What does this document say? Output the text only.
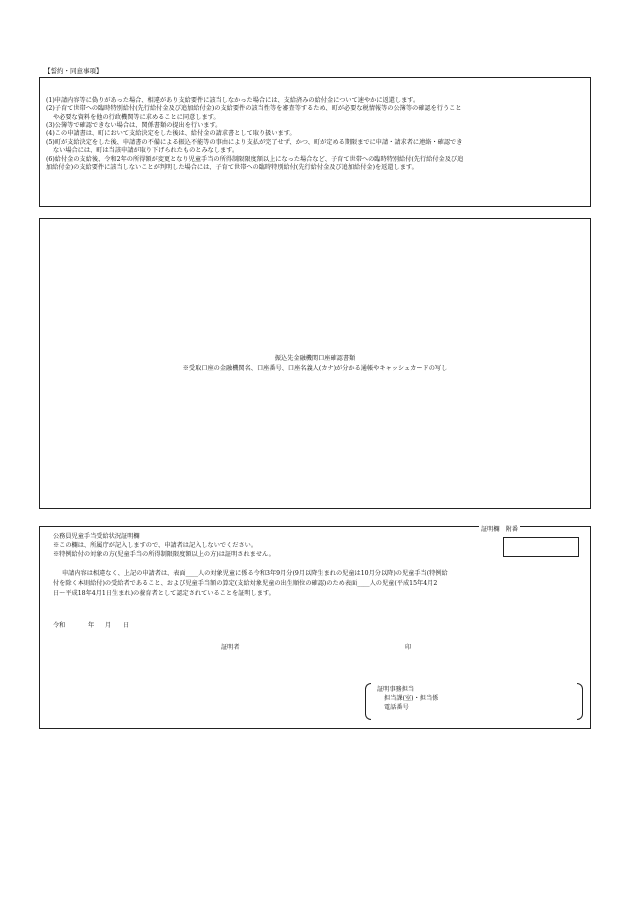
【誓約・同意事項】

(1)申請内容等に偽りがあった場合、相違があり支給要件に該当しなかった場合には、支給済みの給付金について速やかに返還します。

(2)子育て世帯への臨時特別給付(先行給付金及び追加給付金)の支給要件の該当性等を審査等するため、町が必要な税情報等の公簿等の確認を行うこと

や必要な資料を他の行政機関等に求めることに同意します。

(3)公簿等で確認できない場合は、関係書類の提出を行います。

(4)この申請書は、町において支給決定をした後は、給付金の請求書として取り扱います。

(5)町が支給決定をした後、申請書の不備による振込不能等の事由により支払が完了せず、かつ、町が定める期限までに申請・請求者に連絡・確認でき

ない場合には、町は当該申請が取り下げられたものとみなします。

(6)給付金の支給後、令和2年の所得額が変更となり児童手当の所得制限限度額以上になった場合など、子育て世帯への臨時特別給付(先行給付金及び追

加給付金)の支給要件に該当しないことが判明した場合には、子育て世帯への臨時特別給付(先行給付金及び追加給付金)を返還します。

振込先金融機関口座確認書類
※受取口座の金融機関名、口座番号、口座名義人(カナ)が分かる通帳やキャッシュカードの写し
公務員児童手当受給状況証明欄
※この欄は、所属庁が記入しますので、申請者は記入しないでください。
※特例給付の対象の方(児童手当の所得制限限度額以上の方)は証明されません。
申請内容は相違なく、上記の申請者は、表面____人の対象児童に係る令和3年9月分(9月以降生まれの児童は10月分以降)の児童手当(特例給
付を除く本則給付)の受給者であること、および児童手当額の算定(支給対象児童の出生順位の確認)のため表面____人の児童(平成15年4月2
日～平成18年4月1日生まれ)の養育者として認定されていることを証明します。
令和	年 月 日
証明者	印
証明欄　附番
証明事務担当
担当課(室)・担当係
電話番号
